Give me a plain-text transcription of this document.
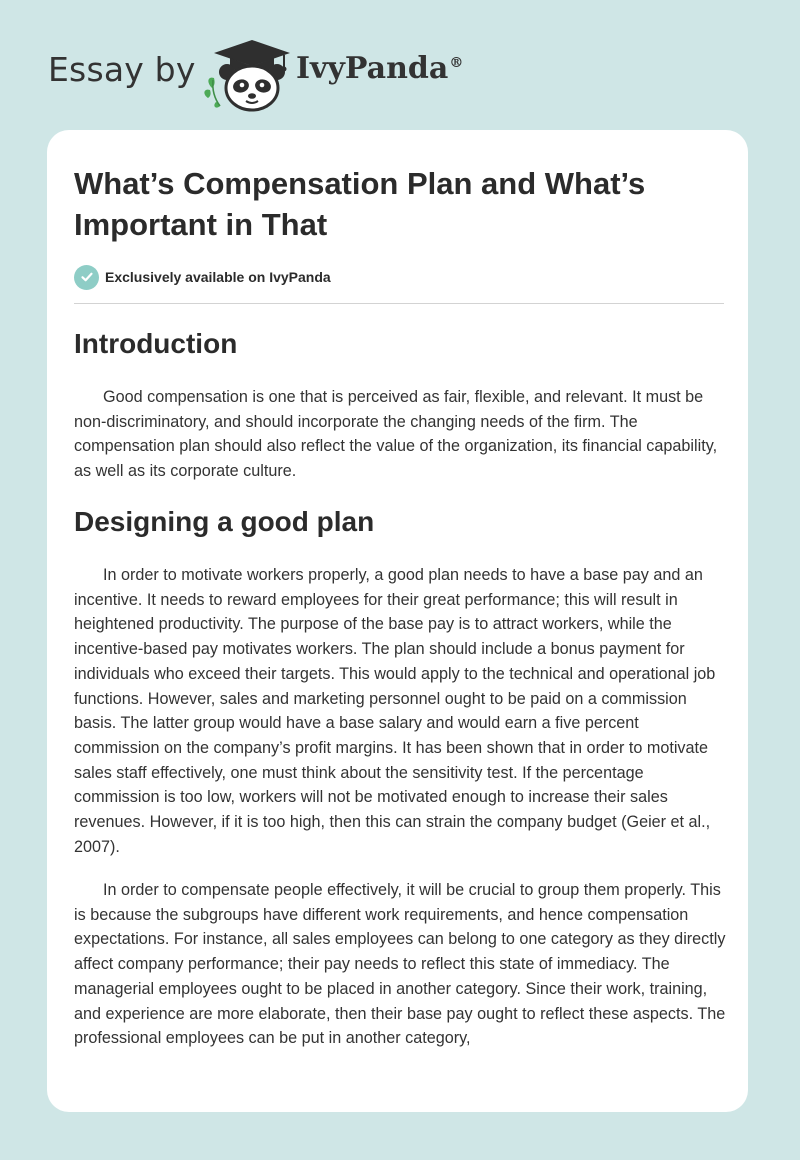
Essay by	IvyPanda®
What’s Compensation Plan and What’s Important in That
Exclusively available on IvyPanda
Introduction

Good compensation is one that is perceived as fair, flexible, and relevant. It must be non-discriminatory, and should incorporate the changing needs of the firm. The compensation plan should also reflect the value of the organization, its financial capability, as well as its corporate culture.

Designing a good plan

In order to motivate workers properly, a good plan needs to have a base pay and an incentive. It needs to reward employees for their great performance; this will result in heightened productivity. The purpose of the base pay is to attract workers, while the incentive-based pay motivates workers. The plan should include a bonus payment for individuals who exceed their targets. This would apply to the technical and operational job functions. However, sales and marketing personnel ought to be paid on a commission basis. The latter group would have a base salary and would earn a five percent commission on the company’s profit margins. It has been shown that in order to motivate sales staff effectively, one must think about the sensitivity test. If the percentage commission is too low, workers will not be motivated enough to increase their sales revenues. However, if it is too high, then this can strain the company budget (Geier et al., 2007).

In order to compensate people effectively, it will be crucial to group them properly. This is because the subgroups have different work requirements, and hence compensation expectations. For instance, all sales employees can belong to one category as they directly affect company performance; their pay needs to reflect this state of immediacy. The managerial employees ought to be placed in another category. Since their work, training, and experience are more elaborate, then their base pay ought to reflect these aspects. The professional employees can be put in another category,
